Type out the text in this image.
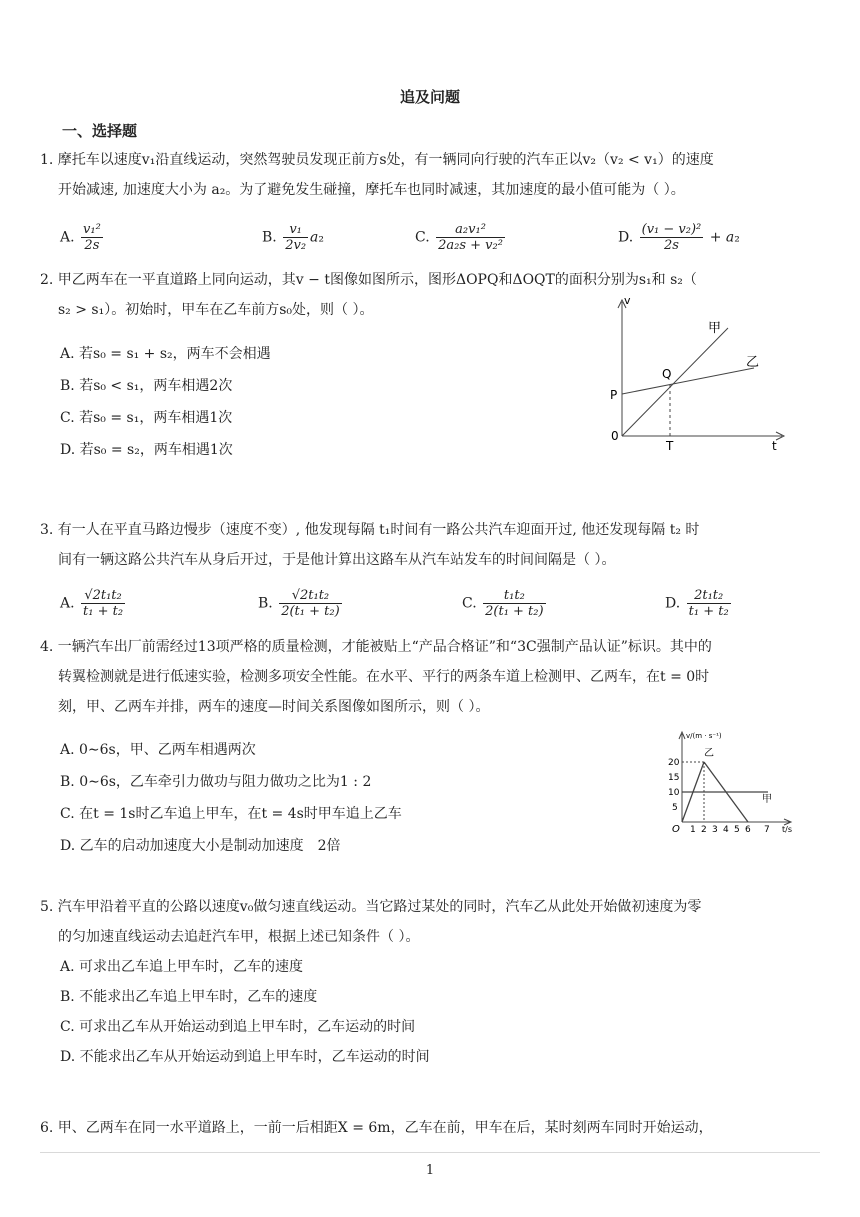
追及问题
一、选择题
1. 摩托车以速度v₁沿直线运动，突然驾驶员发现正前方s处，有一辆同向行驶的汽车正以v₂（v₂ < v₁）的速度
开始减速, 加速度大小为 a₂。为了避免发生碰撞，摩托车也同时减速，其加速度的最小值可能为（ ）。
A. $\frac{\text{v₁²}}{2s}$	B. $\frac{\text{v₁}}{\text{2v₂}} a_2$	C. $\frac{\text{a₂v₁²}}{\text{2a₂s + v₂²}}$	D. $\frac{\text{(v₁ − v₂)²}}{2s} + a_2$
2. 甲乙两车在一平直道路上同向运动，其v − t图像如图所示，图形ΔOPQ和ΔOQT的面积分别为s₁和 s₂（
s₂ > s₁）。初始时，甲车在乙车前方s₀处，则（ ）。
A. 若s₀ = s₁ + s₂，两车不会相遇
B. 若s₀ < s₁，两车相遇2次
C. 若s₀ = s₁，两车相遇1次
D. 若s₀ = s₂，两车相遇1次
v
t
0
P
Q
T
甲
乙
3. 有一人在平直马路边慢步（速度不变）, 他发现每隔 t₁时间有一路公共汽车迎面开过, 他还发现每隔 t₂ 时
间有一辆这路公共汽车从身后开过，于是他计算出这路车从汽车站发车的时间间隔是（ ）。
A. $\frac{\text{√2t₁t₂}}{\text{t₁ + t₂}}$	B. $\frac{\text{√2t₁t₂}}{\text{2(t₁ + t₂)}}$	C. $\frac{\text{t₁t₂}}{\text{2(t₁ + t₂)}}$	D. $\frac{\text{2t₁t₂}}{\text{t₁ + t₂}}$
4. 一辆汽车出厂前需经过13项严格的质量检测，才能被贴上“产品合格证”和“3C强制产品认证”标识。其中的
转翼检测就是进行低速实验，检测多项安全性能。在水平、平行的两条车道上检测甲、乙两车，在t = 0时
刻，甲、乙两车并排，两车的速度—时间关系图像如图所示，则（ ）。
A. 0∼6s，甲、乙两车相遇两次
B. 0∼6s，乙车牵引力做功与阻力做功之比为1 : 2
C. 在t = 1s时乙车追上甲车，在t = 4s时甲车追上乙车
D. 乙车的启动加速度大小是制动加速度　2倍
v/(m · s⁻¹)
t/s
O
20
15
10
5
1 2 3 4 5 6 7
乙
甲
5. 汽车甲沿着平直的公路以速度v₀做匀速直线运动。当它路过某处的同时，汽车乙从此处开始做初速度为零
的匀加速直线运动去追赶汽车甲，根据上述已知条件（ ）。
A. 可求出乙车追上甲车时，乙车的速度
B. 不能求出乙车追上甲车时，乙车的速度
C. 可求出乙车从开始运动到追上甲车时，乙车运动的时间
D. 不能求出乙车从开始运动到追上甲车时，乙车运动的时间
6. 甲、乙两车在同一水平道路上，一前一后相距X = 6m，乙车在前，甲车在后，某时刻两车同时开始运动，
1
